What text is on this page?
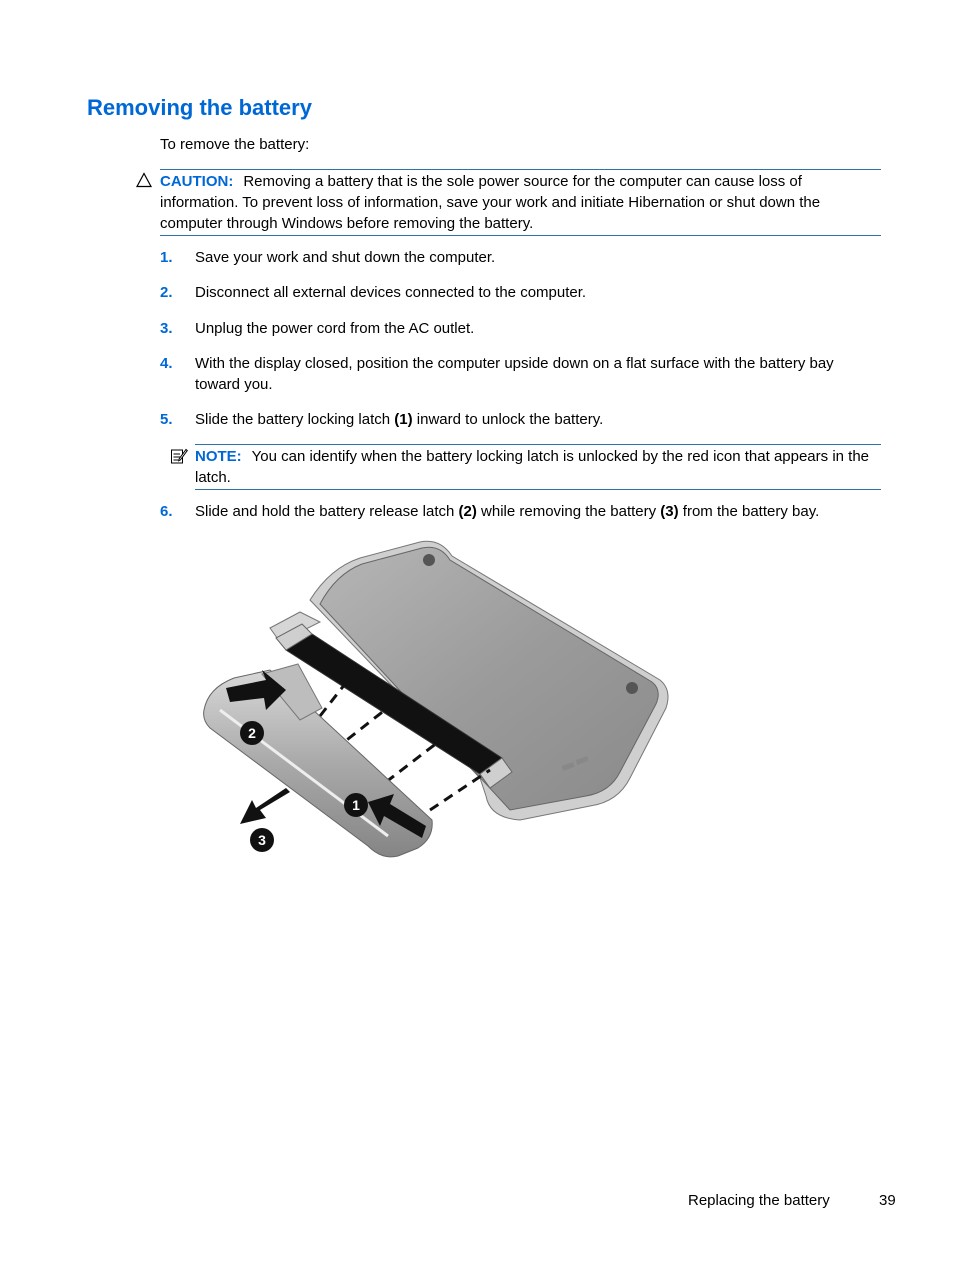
Removing the battery
To remove the battery:
CAUTION: Removing a battery that is the sole power source for the computer can cause loss of information. To prevent loss of information, save your work and initiate Hibernation or shut down the computer through Windows before removing the battery.
1. Save your work and shut down the computer.
2. Disconnect all external devices connected to the computer.
3. Unplug the power cord from the AC outlet.
4. With the display closed, position the computer upside down on a flat surface with the battery bay toward you.
5. Slide the battery locking latch (1) inward to unlock the battery.
NOTE: You can identify when the battery locking latch is unlocked by the red icon that appears in the latch.
6. Slide and hold the battery release latch (2) while removing the battery (3) from the battery bay.
2
1
3
Replacing the battery	39
